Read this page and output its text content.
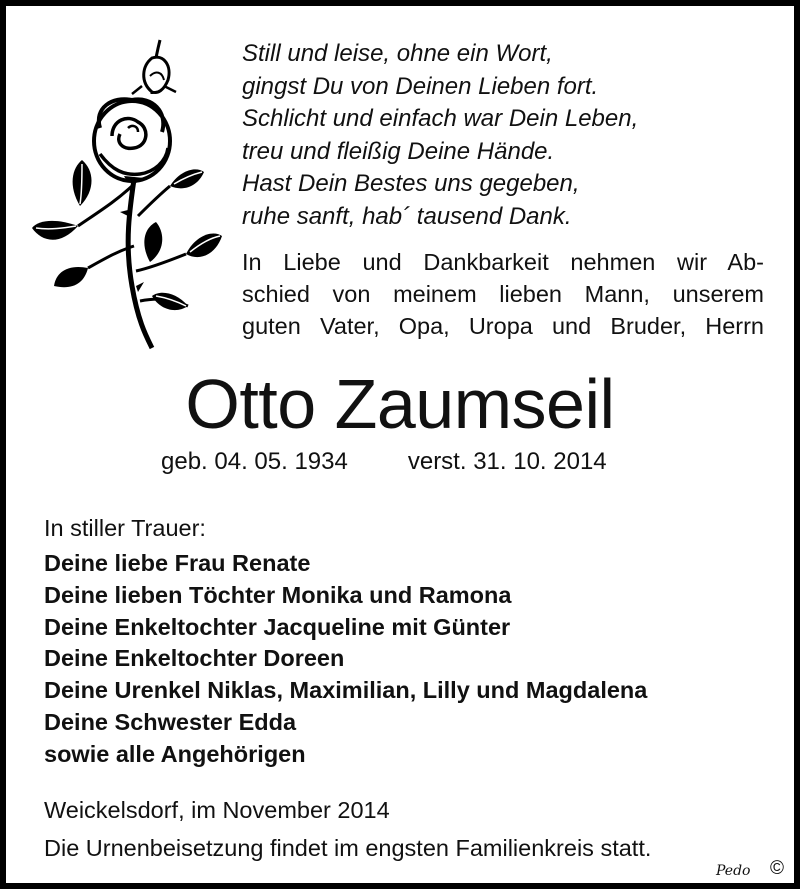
Still und leise, ohne ein Wort,
gingst Du von Deinen Lieben fort.
Schlicht und einfach war Dein Leben,
treu und fleißig Deine Hände.
Hast Dein Bestes uns gegeben,
ruhe sanft, hab´ tausend Dank.
In Liebe und Dankbarkeit nehmen wir Ab-
schied von meinem lieben Mann, unserem
guten Vater, Opa, Uropa und Bruder, Herrn
Otto Zaumseil
geb. 04. 05. 1934	verst. 31. 10. 2014
In stiller Trauer:
Deine liebe Frau Renate
Deine lieben Töchter Monika und Ramona
Deine Enkeltochter Jacqueline mit Günter
Deine Enkeltochter Doreen
Deine Urenkel Niklas, Maximilian, Lilly und Magdalena
Deine Schwester Edda
sowie alle Angehörigen
Weickelsdorf, im November 2014
Die Urnenbeisetzung findet im engsten Familienkreis statt.
Pedo ©
